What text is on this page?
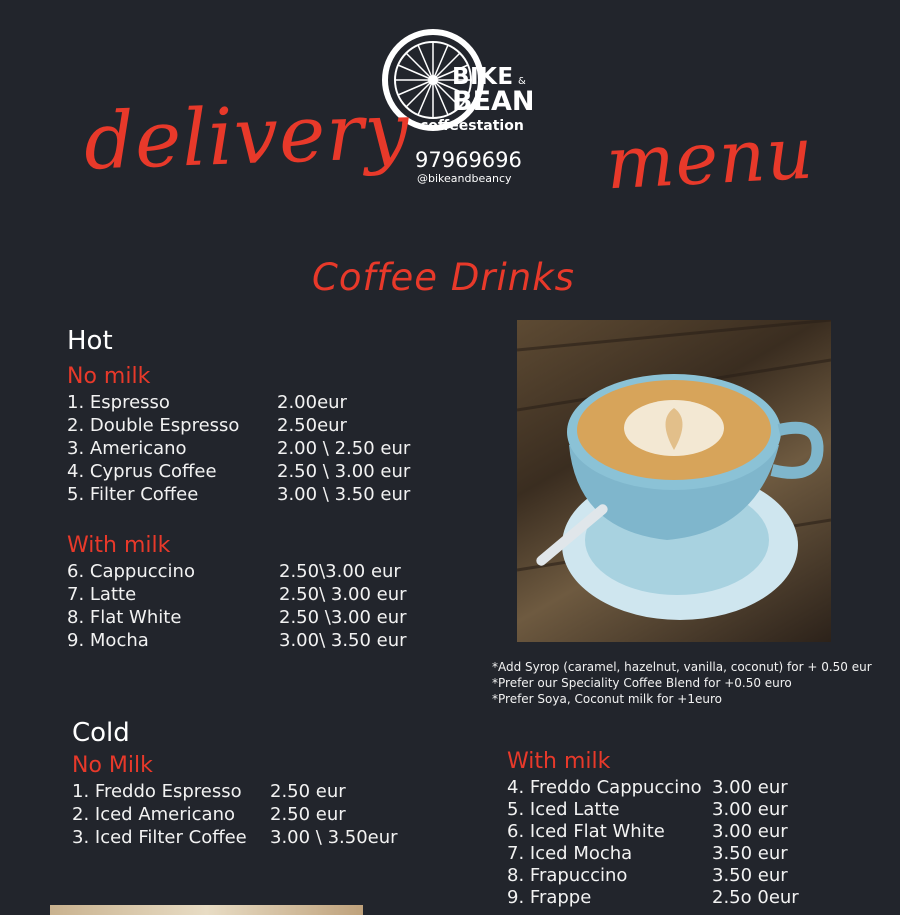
BIKE &
BEAN
coffeestation
97969696
@bikeandbeancy
delivery	menu
Coffee Drinks
Hot
No milk
1. Espresso	2.00eur
2. Double Espresso 2.50eur
3. Americano	2.00 \ 2.50 eur
4. Cyprus Coffee	2.50 \ 3.00 eur
5. Filter Coffee	3.00 \ 3.50 eur
With milk
6. Cappuccino	2.50\3.00 eur
7. Latte	2.50\ 3.00 eur
8. Flat White	2.50 \3.00 eur
9. Mocha	3.00\ 3.50 eur
*Add Syrop (caramel, hazelnut, vanilla, coconut) for + 0.50 eur
*Prefer our Speciality Coffee Blend for +0.50 euro
*Prefer Soya, Coconut milk for +1euro
Cold
No Milk
1. Freddo Espresso 2.50 eur
2. Iced Americano 2.50 eur
3. Iced Filter Coffee 3.00 \ 3.50eur
With milk
4. Freddo Cappuccino 3.00 eur
5. Iced Latte	3.00 eur
6. Iced Flat White	3.00 eur
7. Iced Mocha	3.50 eur
8. Frapuccino	3.50 eur
9. Frappe	2.5o 0eur
